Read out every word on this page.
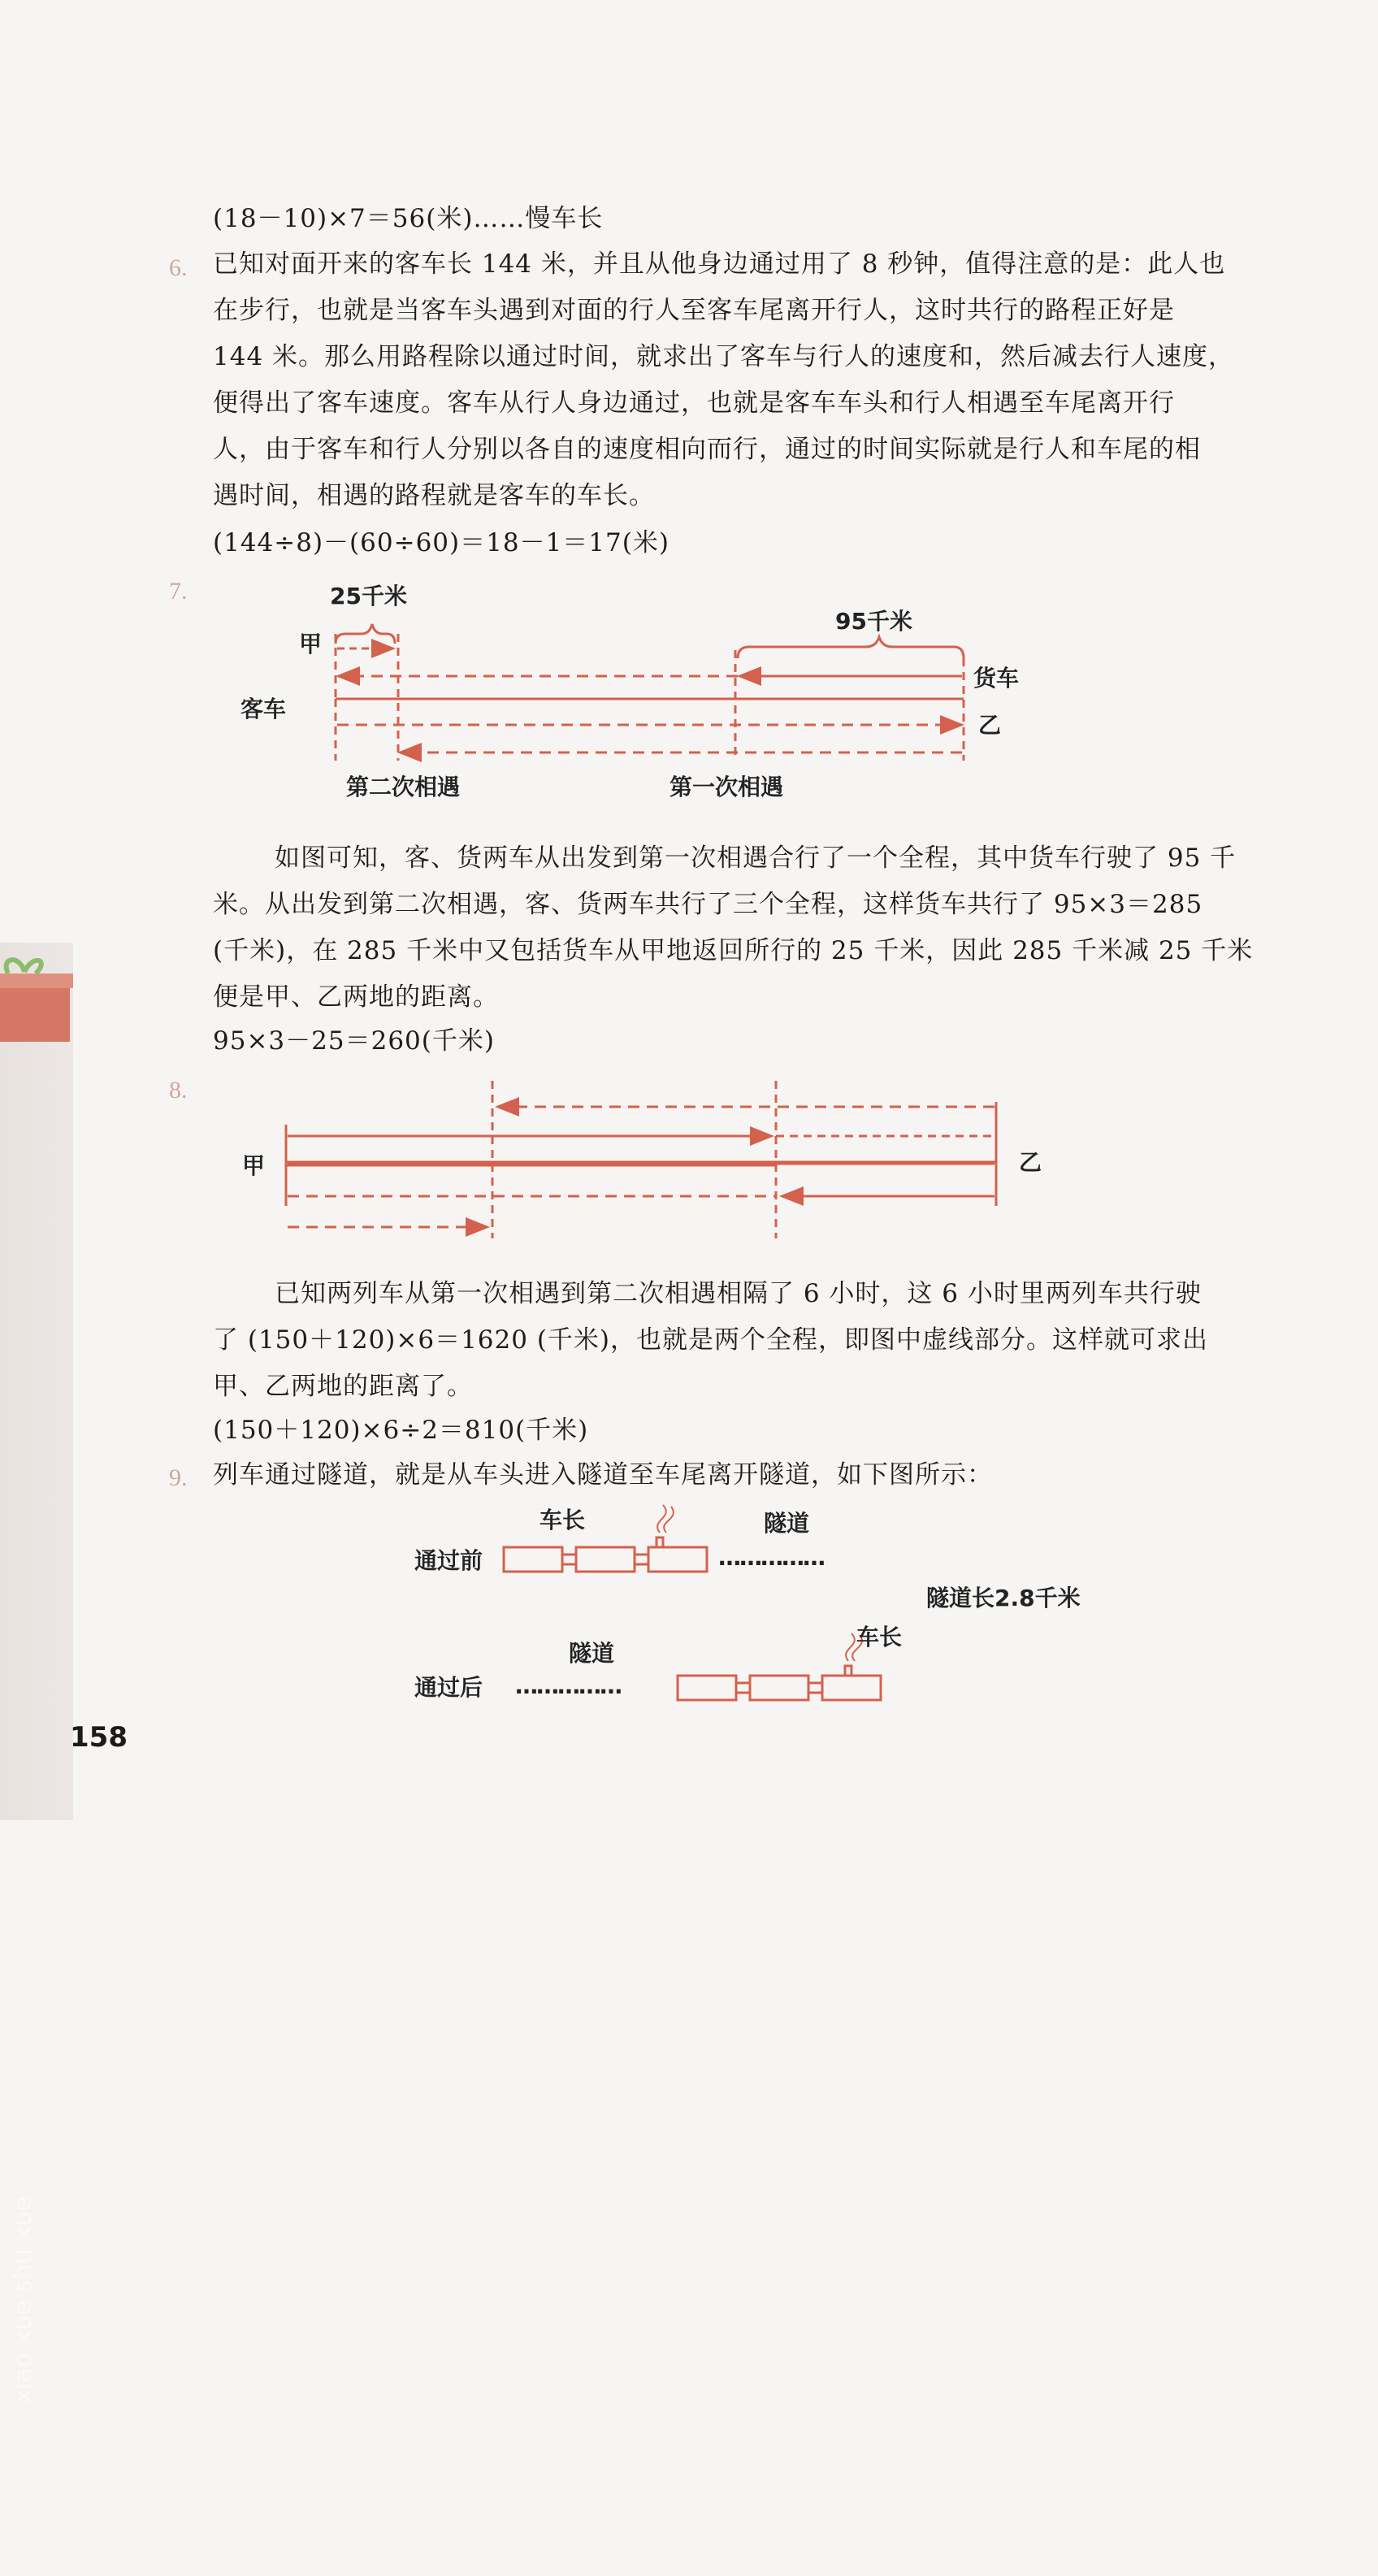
xiao xue shu xue
(18－10)×7＝56(米)……慢车长
6. 已知对面开来的客车长 144 米，并且从他身边通过用了 8 秒钟，值得注意的是：此人也
在步行，也就是当客车头遇到对面的行人至客车尾离开行人，这时共行的路程正好是
144 米。那么用路程除以通过时间，就求出了客车与行人的速度和，然后减去行人速度，
便得出了客车速度。客车从行人身边通过，也就是客车车头和行人相遇至车尾离开行
人，由于客车和行人分别以各自的速度相向而行，通过的时间实际就是行人和车尾的相
遇时间，相遇的路程就是客车的车长。
(144÷8)－(60÷60)＝18－1＝17(米)
7.	25千米
95千米
甲
货车
客车
乙
第二次相遇	第一次相遇
如图可知，客、货两车从出发到第一次相遇合行了一个全程，其中货车行驶了 95 千
米。从出发到第二次相遇，客、货两车共行了三个全程，这样货车共行了 95×3＝285
(千米)，在 285 千米中又包括货车从甲地返回所行的 25 千米，因此 285 千米减 25 千米
便是甲、乙两地的距离。
95×3－25＝260(千米)
8.
甲	乙
已知两列车从第一次相遇到第二次相遇相隔了 6 小时，这 6 小时里两列车共行驶
了 (150＋120)×6＝1620 (千米)，也就是两个全程，即图中虚线部分。这样就可求出
甲、乙两地的距离了。
(150＋120)×6÷2＝810(千米)
9. 列车通过隧道，就是从车头进入隧道至车尾离开隧道，如下图所示：
车长	隧道
通过前	……………
隧道长2.8千米
隧道
车长
通过后 ……………
158
